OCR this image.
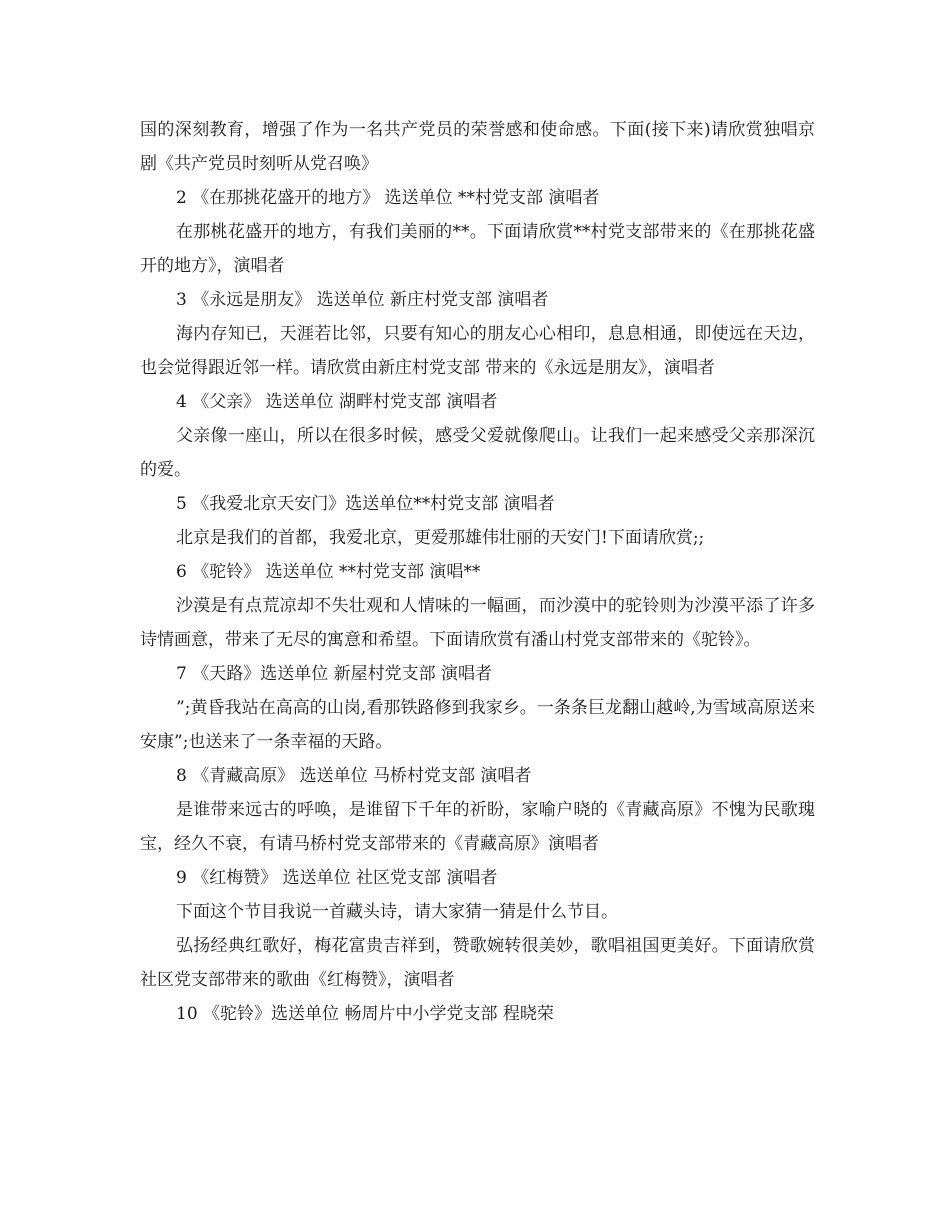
国的深刻教育，增强了作为一名共产党员的荣誉感和使命感。下面(接下来)请欣赏独唱京剧《共产党员时刻听从党召唤》

2 《在那挑花盛开的地方》 选送单位 **村党支部 演唱者

在那桃花盛开的地方，有我们美丽的**。下面请欣赏**村党支部带来的《在那挑花盛开的地方》，演唱者

3 《永远是朋友》 选送单位 新庄村党支部 演唱者

海内存知已，天涯若比邻，只要有知心的朋友心心相印，息息相通，即使远在天边，也会觉得跟近邻一样。请欣赏由新庄村党支部 带来的《永远是朋友》，演唱者

4 《父亲》 选送单位 湖畔村党支部 演唱者

父亲像一座山，所以在很多时候，感受父爱就像爬山。让我们一起来感受父亲那深沉的爱。

5 《我爱北京天安门》选送单位**村党支部 演唱者

北京是我们的首都，我爱北京，更爱那雄伟壮丽的天安门!下面请欣赏;;

6 《驼铃》 选送单位 **村党支部 演唱**

沙漠是有点荒凉却不失壮观和人情味的一幅画，而沙漠中的驼铃则为沙漠平添了许多诗情画意，带来了无尽的寓意和希望。下面请欣赏有潘山村党支部带来的《驼铃》。

7 《天路》选送单位 新屋村党支部 演唱者

”;黄昏我站在高高的山岗,看那铁路修到我家乡。一条条巨龙翻山越岭,为雪域高原送来安康”;也送来了一条幸福的天路。

8 《青藏高原》 选送单位 马桥村党支部 演唱者

是谁带来远古的呼唤，是谁留下千年的祈盼，家喻户晓的《青藏高原》不愧为民歌瑰宝，经久不衰，有请马桥村党支部带来的《青藏高原》演唱者

9 《红梅赞》 选送单位 社区党支部 演唱者

下面这个节目我说一首藏头诗，请大家猜一猜是什么节目。

弘扬经典红歌好，梅花富贵吉祥到，赞歌婉转很美妙，歌唱祖国更美好。下面请欣赏社区党支部带来的歌曲《红梅赞》，演唱者

10 《驼铃》选送单位 畅周片中小学党支部 程晓荣
